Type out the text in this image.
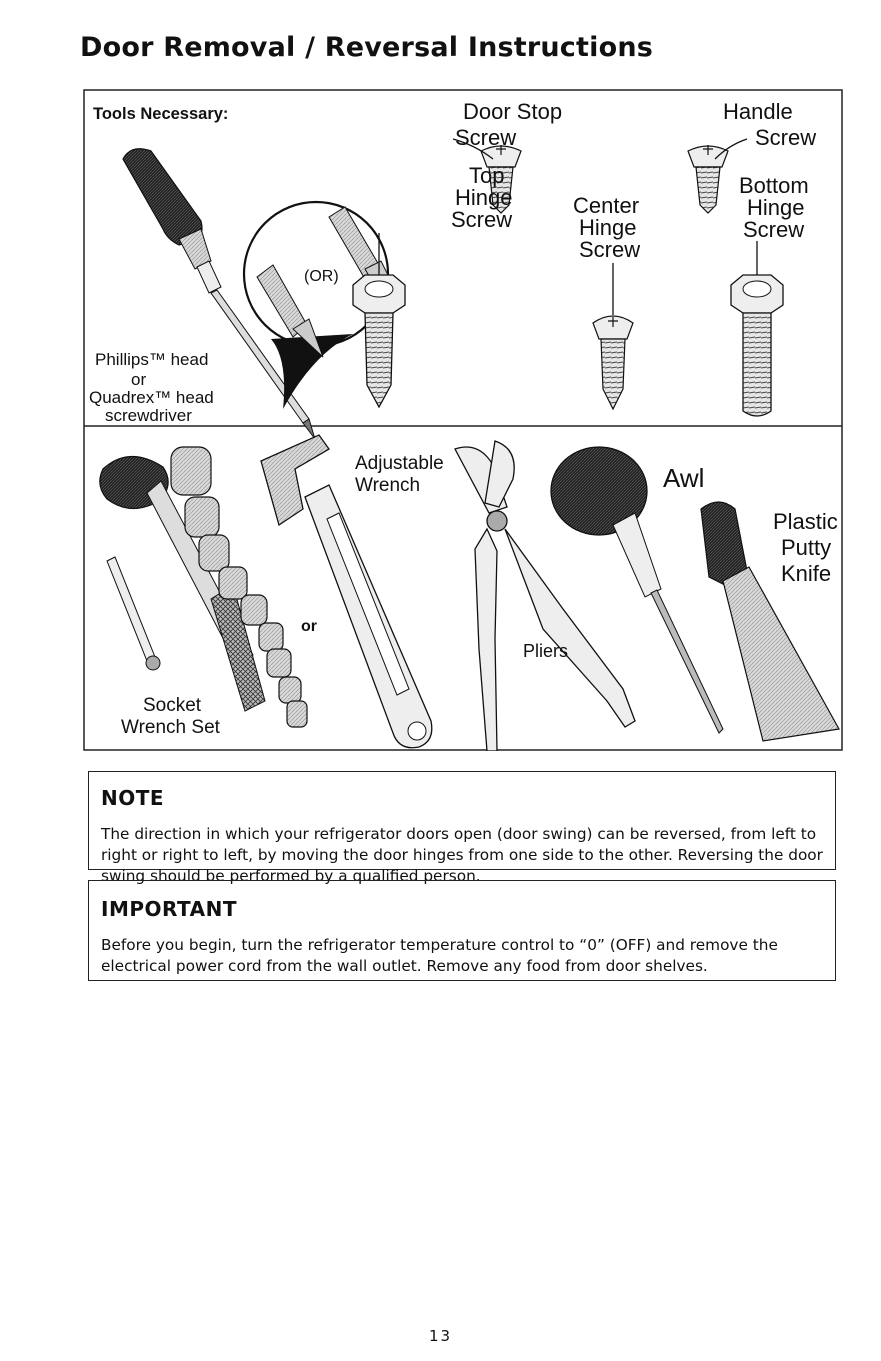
Door Removal / Reversal Instructions
Tools Necessary:
(OR)
Phillips™ head
or
Quadrex™ head
screwdriver
Door Stop
Screw
Handle
Screw
Top
Hinge
Screw
Center
Hinge
Screw
Bottom
Hinge
Screw
or
Adjustable
Wrench
Pliers
Awl
Plastic
Putty
Knife
Socket
Wrench Set
NOTE

The direction in which your refrigerator doors open (door swing) can be reversed, from left to right or right to left, by moving the door hinges from one side to the other. Reversing the door swing should be performed by a qualified person.

IMPORTANT

Before you begin, turn the refrigerator temperature control to “0” (OFF) and remove the electrical power cord from the wall outlet. Remove any food from door shelves.

13
